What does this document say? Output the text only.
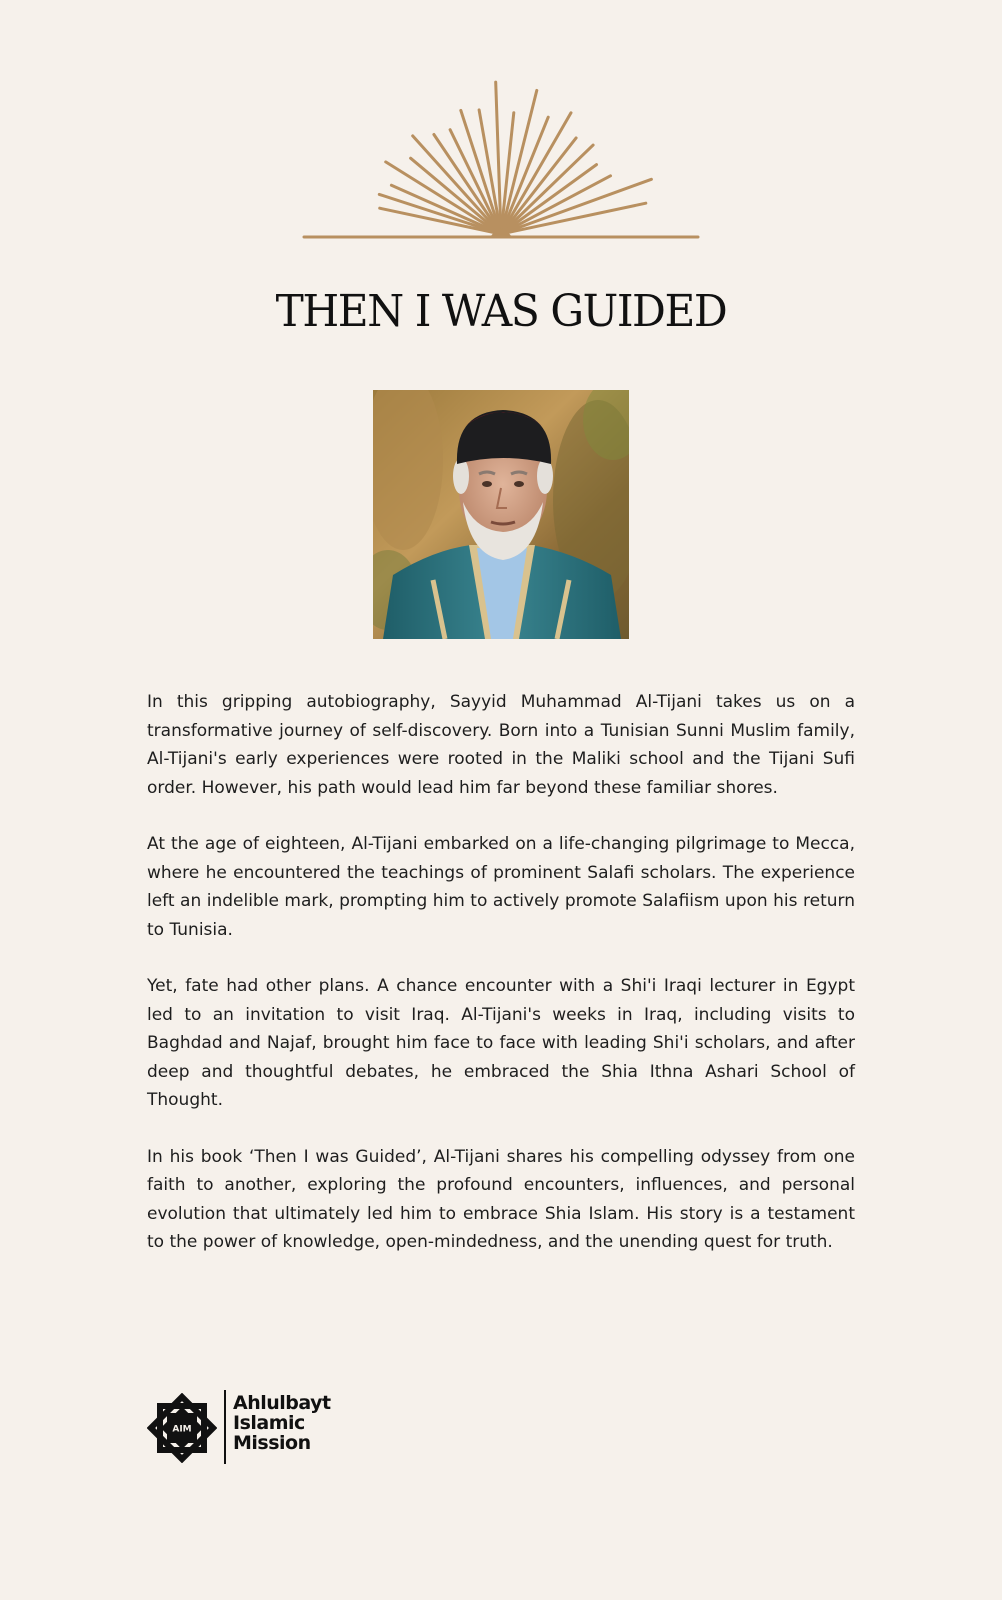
THEN I WAS GUIDED

In this gripping autobiography, Sayyid Muhammad Al-Tijani takes us on a transformative journey of self-discovery. Born into a Tunisian Sunni Muslim family, Al-Tijani's early experiences were rooted in the Maliki school and the Tijani Sufi order. However, his path would lead him far beyond these familiar shores.

At the age of eighteen, Al-Tijani embarked on a life-changing pilgrimage to Mecca, where he encountered the teachings of prominent Salafi scholars. The experience left an indelible mark, prompting him to actively promote Salafiism upon his return to Tunisia.

Yet, fate had other plans. A chance encounter with a Shi'i Iraqi lecturer in Egypt led to an invitation to visit Iraq. Al-Tijani's weeks in Iraq, including visits to Baghdad and Najaf, brought him face to face with leading Shi'i scholars, and after deep and thoughtful debates, he embraced the Shia Ithna Ashari School of Thought.

In his book ‘Then I was Guided’, Al-Tijani shares his compelling odyssey from one faith to another, exploring the profound encounters, influences, and personal evolution that ultimately led him to embrace Shia Islam. His story is a testament to the power of knowledge, open-mindedness, and the unending quest for truth.

AIM
Ahlulbayt
Islamic
Mission
